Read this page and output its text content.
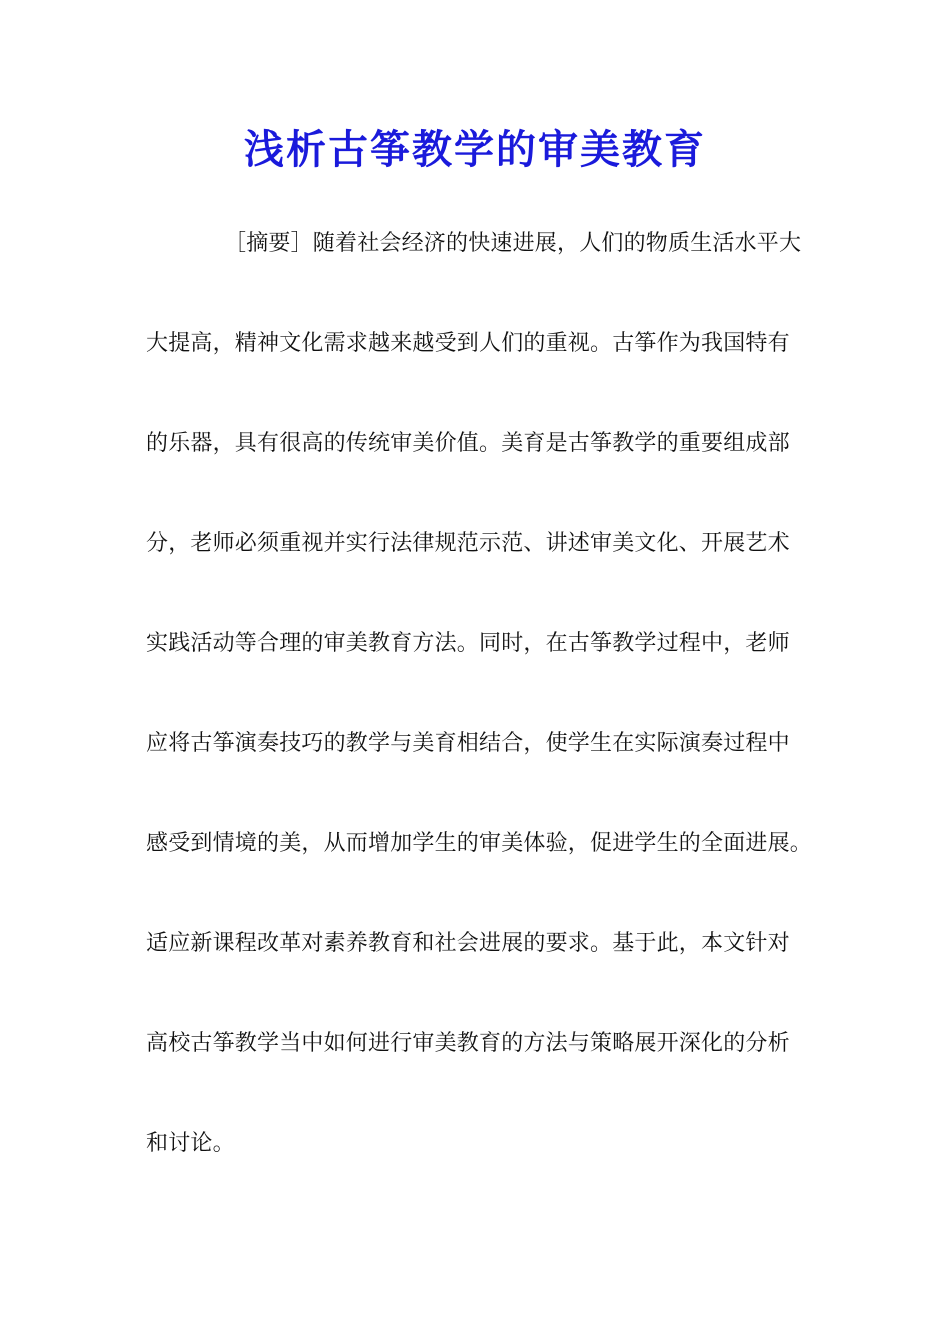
浅析古筝教学的审美教育
［摘要］随着社会经济的快速进展，人们的物质生活水平大
大提高，精神文化需求越来越受到人们的重视。古筝作为我国特有
的乐器，具有很高的传统审美价值。美育是古筝教学的重要组成部
分，老师必须重视并实行法律规范示范、讲述审美文化、开展艺术
实践活动等合理的审美教育方法。同时，在古筝教学过程中，老师
应将古筝演奏技巧的教学与美育相结合，使学生在实际演奏过程中
感受到情境的美，从而增加学生的审美体验，促进学生的全面进展。
适应新课程改革对素养教育和社会进展的要求。基于此，本文针对
高校古筝教学当中如何进行审美教育的方法与策略展开深化的分析
和讨论。
